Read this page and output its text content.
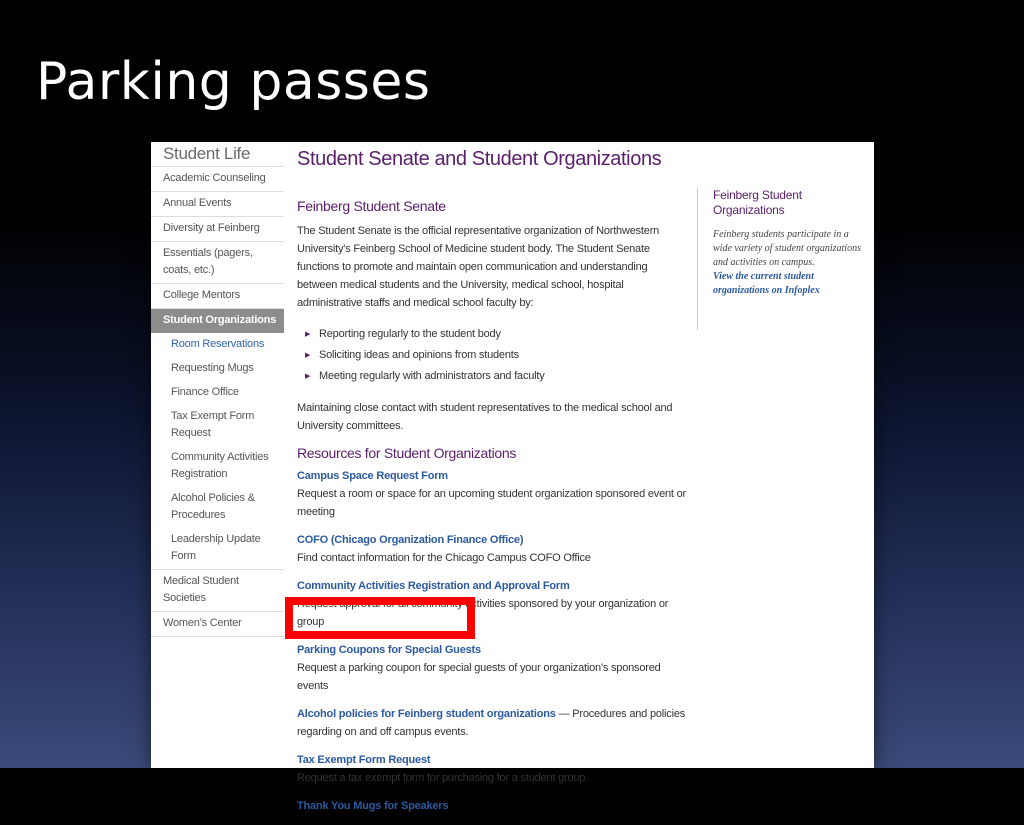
Parking passes
Student Life
Academic Counseling
Annual Events
Diversity at Feinberg
Essentials (pagers, coats, etc.)
College Mentors
Student Organizations
Room Reservations
Requesting Mugs
Finance Office
Tax Exempt Form Request
Community Activities Registration
Alcohol Policies & Procedures
Leadership Update Form
Medical Student Societies
Women's Center
Student Senate and Student Organizations
Feinberg Student Senate

The Student Senate is the official representative organization of Northwestern University's Feinberg School of Medicine student body. The Student Senate functions to promote and maintain open communication and understanding between medical students and the University, medical school, hospital administrative staffs and medical school faculty by:

▶ Reporting regularly to the student body
▶ Soliciting ideas and opinions from students
▶ Meeting regularly with administrators and faculty

Maintaining close contact with student representatives to the medical school and University committees.

Resources for Student Organizations
Campus Space Request Form
Request a room or space for an upcoming student organization sponsored event or meeting
COFO (Chicago Organization Finance Office)
Find contact information for the Chicago Campus COFO Office
Community Activities Registration and Approval Form
Request approval for all community activities sponsored by your organization or group
Parking Coupons for Special Guests
Request a parking coupon for special guests of your organization's sponsored events
Alcohol policies for Feinberg student organizations — Procedures and policies regarding on and off campus events.
Tax Exempt Form Request
Request a tax exempt form for purchasing for a student group.
Thank You Mugs for Speakers
Feinberg Student Organizations
Feinberg students participate in a wide variety of student organizations and activities on campus.
View the current student organizations on Infoplex
